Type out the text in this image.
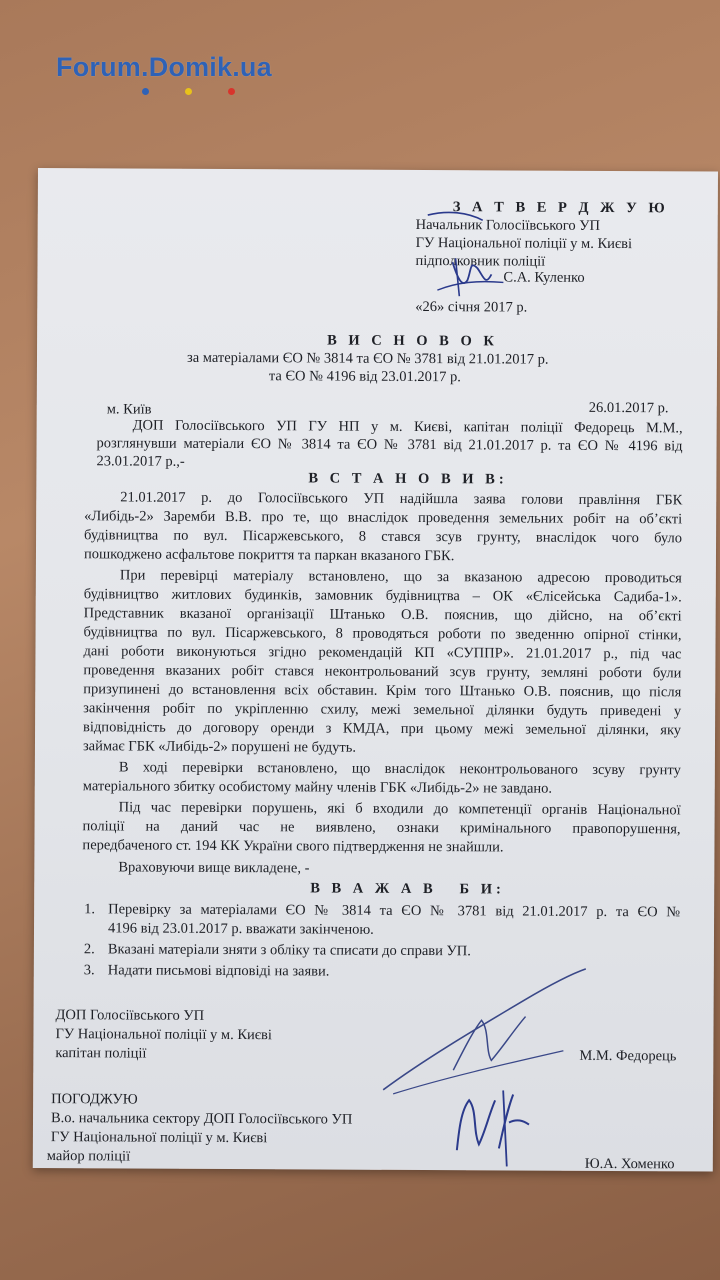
Forum.Domik.ua
З А Т В Е Р Д Ж У Ю
Начальник Голосіївського УП
ГУ Національної поліції у м. Києві
підполковник поліції
С.А. Куленко
«26» січня 2017 р.
В И С Н О В О К
за матеріалами ЄО № 3814 та ЄО № 3781 від 21.01.2017 р.
та ЄО № 4196 від 23.01.2017 р.
м. Київ	26.01.2017 р.
ДОП Голосіївського УП ГУ НП у м. Києві, капітан поліції Федорець М.М.,
розглянувши матеріали ЄО № 3814 та ЄО № 3781 від 21.01.2017 р. та ЄО № 4196 від
23.01.2017 р.,-
В С Т А Н О В И В:
21.01.2017 р. до Голосіївського УП надійшла заява голови правління ГБК
«Либідь-2» Заремби В.В. про те, що внаслідок проведення земельних робіт на об’єкті
будівництва по вул. Пісаржевського, 8 стався зсув грунту, внаслідок чого було
пошкоджено асфальтове покриття та паркан вказаного ГБК.
При перевірці матеріалу встановлено, що за вказаною адресою проводиться
будівництво житлових будинків, замовник будівництва – ОК «Єлісейська Садиба-1».
Представник вказаної організації Штанько О.В. пояснив, що дійсно, на об’єкті
будівництва по вул. Пісаржевського, 8 проводяться роботи по зведенню опірної стінки,
дані роботи виконуються згідно рекомендацій КП «СУППР». 21.01.2017 р., під час
проведення вказаних робіт стався неконтрольований зсув грунту, земляні роботи були
призупинені до встановлення всіх обставин. Крім того Штанько О.В. пояснив, що після
закінчення робіт по укріпленню схилу, межі земельної ділянки будуть приведені у
відповідність до договору оренди з КМДА, при цьому межі земельної ділянки, яку
займає ГБК «Либідь-2» порушені не будуть.
В ході перевірки встановлено, що внаслідок неконтрольованого зсуву грунту
матеріального збитку особистому майну членів ГБК «Либідь-2» не завдано.
Під час перевірки порушень, які б входили до компетенції органів Національної
поліції на даний час не виявлено, ознаки кримінального правопорушення,
передбаченого ст. 194 КК України свого підтвердження не знайшли.
Враховуючи вище викладене, -
В В А Ж А В   Б И:
1. Перевірку за матеріалами ЄО № 3814 та ЄО № 3781 від 21.01.2017 р. та ЄО №
4196 від 23.01.2017 р. вважати закінченою.
2. Вказані матеріали зняти з обліку та списати до справи УП.
3. Надати письмові відповіді на заяви.
ДОП Голосіївського УП
ГУ Національної поліції у м. Києві
капітан поліції	М.М. Федорець
ПОГОДЖУЮ
В.о. начальника сектору ДОП Голосіївського УП
ГУ Національної поліції у м. Києві
майор поліції	Ю.А. Хоменко
